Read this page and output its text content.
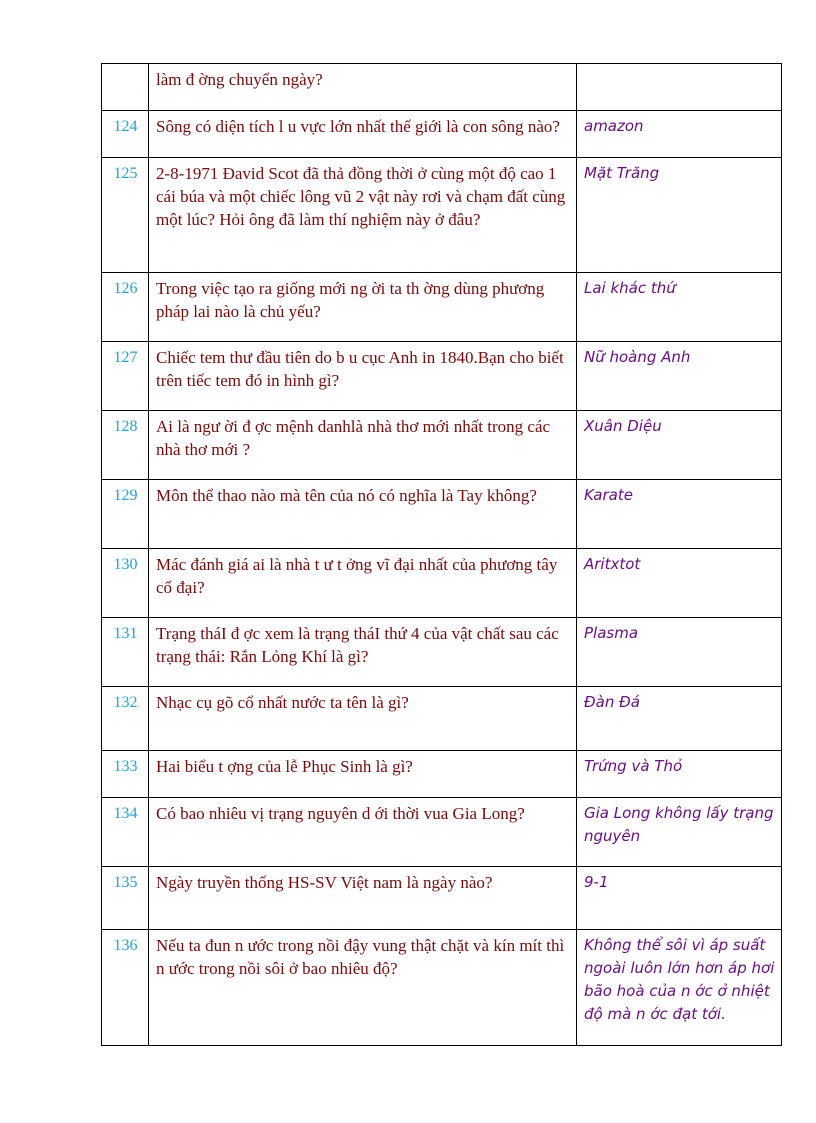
	làm đ ờng chuyển ngày?	
124	Sông có diện tích l u vực lớn nhất thế giới là con sông nào?	amazon
125	2-8-1971 Đavid Scot đã thả đồng thời ở cùng một độ cao 1 cái búa và một chiếc lông vũ 2 vật này rơi và chạm đất cùng một lúc? Hỏi ông đã làm thí nghiệm này ở đâu?	Mặt Trăng
126	Trong việc tạo ra giống mới ng ời ta th ờng dùng phương pháp lai nào là chủ yếu?	Lai khác thứ
127	Chiếc tem thư đầu tiên do b u cục Anh in 1840.Bạn cho biết trên tiếc tem đó in hình gì?	Nữ hoàng Anh
128	Ai là ngư ời đ ợc mệnh danhlà nhà thơ mới nhất trong các nhà thơ mới ?	Xuân Diệu
129	Môn thể thao nào mà tên của nó có nghĩa là Tay không?	Karate
130	Mác đánh giá ai là nhà t ư t ởng vĩ đại nhất của phương tây cổ đại?	Aritxtot
131	Trạng tháI đ ợc xem là trạng tháI thứ 4 của vật chất sau các trạng thái: Rắn Lỏng Khí là gì?	Plasma
132	Nhạc cụ gõ cổ nhất nước ta tên là gì?	Đàn Đá
133	Hai biểu t ợng của lễ Phục Sinh là gì?	Trứng và Thỏ
134	Có bao nhiêu vị trạng nguyên d ới thời vua Gia Long?	Gia Long không lấy trạng nguyên
135	Ngày truyền thống HS-SV Việt nam là ngày nào?	9-1
136	Nếu ta đun n ước trong nồi đậy vung thật chặt và kín mít thì n ước trong nồi sôi ở bao nhiêu độ?	Không thể sôi vì áp suất ngoài luôn lớn hơn áp hơi bão hoà của n ớc ở nhiệt độ mà n ớc đạt tới.
